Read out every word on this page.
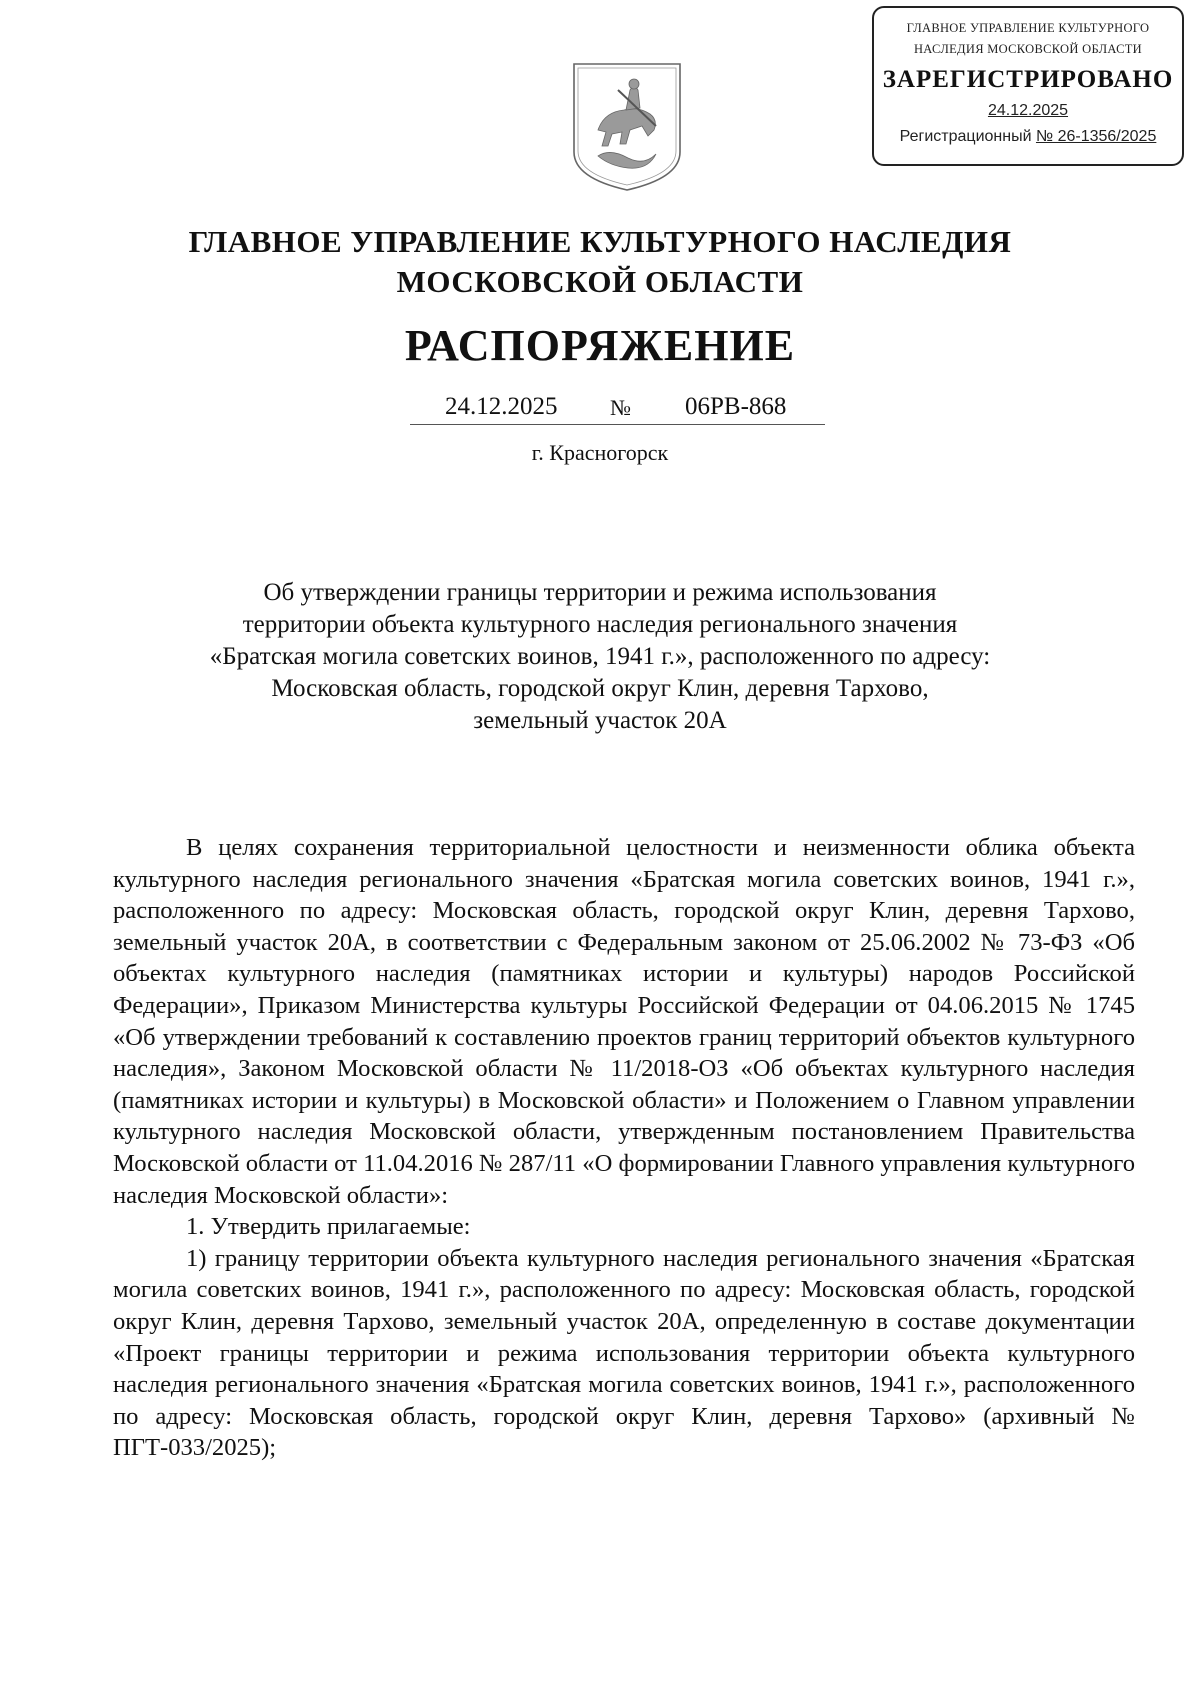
ГЛАВНОЕ УПРАВЛЕНИЕ КУЛЬТУРНОГО
НАСЛЕДИЯ МОСКОВСКОЙ ОБЛАСТИ
ЗАРЕГИСТРИРОВАНО
24.12.2025
Регистрационный № 26-1356/2025
ГЛАВНОЕ УПРАВЛЕНИЕ КУЛЬТУРНОГО НАСЛЕДИЯ
МОСКОВСКОЙ ОБЛАСТИ
РАСПОРЯЖЕНИЕ
24.12.2025 № 06РВ-868
г. Красногорск
Об утверждении границы территории и режима использования
территории объекта культурного наследия регионального значения
«Братская могила советских воинов, 1941 г.», расположенного по адресу:
Московская область, городской округ Клин, деревня Тархово,
земельный участок 20А

В целях сохранения территориальной целостности и неизменности облика объекта культурного наследия регионального значения «Братская могила советских воинов, 1941 г.», расположенного по адресу: Московская область, городской округ Клин, деревня Тархово, земельный участок 20А, в соответствии с Федеральным законом от 25.06.2002 № 73-ФЗ «Об объектах культурного наследия (памятниках истории и культуры) народов Российской Федерации», Приказом Министерства культуры Российской Федерации от 04.06.2015 № 1745 «Об утверждении требований к составлению проектов границ территорий объектов культурного наследия», Законом Московской области № 11/2018-ОЗ «Об объектах культурного наследия (памятниках истории и культуры) в Московской области» и Положением о Главном управлении культурного наследия Московской области, утвержденным постановлением Правительства Московской области от 11.04.2016 № 287/11 «О формировании Главного управления культурного наследия Московской области»:

1. Утвердить прилагаемые:

1) границу территории объекта культурного наследия регионального значения «Братская могила советских воинов, 1941 г.», расположенного по адресу: Московская область, городской округ Клин, деревня Тархово, земельный участок 20А, определенную в составе документации «Проект границы территории и режима использования территории объекта культурного наследия регионального значения «Братская могила советских воинов, 1941 г.», расположенного по адресу: Московская область, городской округ Клин, деревня Тархово» (архивный № ПГТ-033/2025);
